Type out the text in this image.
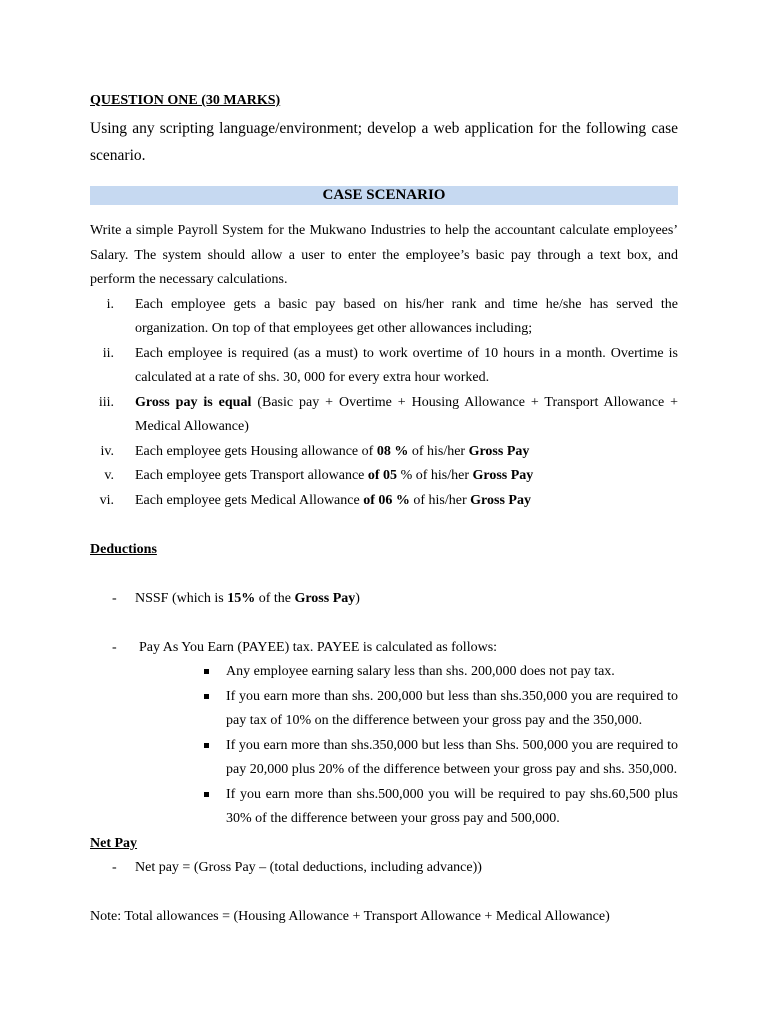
QUESTION ONE (30 MARKS)

Using any scripting language/environment; develop a web application for the following case scenario.

CASE SCENARIO

Write a simple Payroll System for the Mukwano Industries to help the accountant calculate employees’ Salary. The system should allow a user to enter the employee’s basic pay through a text box, and perform the necessary calculations.

i. Each employee gets a basic pay based on his/her rank and time he/she has served the organization. On top of that employees get other allowances including;
ii. Each employee is required (as a must) to work overtime of 10 hours in a month. Overtime is calculated at a rate of shs. 30, 000 for every extra hour worked.
iii. Gross pay is equal (Basic pay + Overtime + Housing Allowance + Transport Allowance + Medical Allowance)
iv. Each employee gets Housing allowance of 08 % of his/her Gross Pay
v. Each employee gets Transport allowance of 05 % of his/her Gross Pay
vi. Each employee gets Medical Allowance of 06 % of his/her Gross Pay

Deductions

- NSSF (which is 15% of the Gross Pay)
- Pay As You Earn (PAYEE) tax. PAYEE is calculated as follows:
Any employee earning salary less than shs. 200,000 does not pay tax.
If you earn more than shs. 200,000 but less than shs.350,000 you are required to pay tax of 10% on the difference between your gross pay and the 350,000.
If you earn more than shs.350,000 but less than Shs. 500,000 you are required to pay 20,000 plus 20% of the difference between your gross pay and shs. 350,000.
If you earn more than shs.500,000 you will be required to pay shs.60,500 plus 30% of the difference between your gross pay and 500,000.

Net Pay

- Net pay = (Gross Pay – (total deductions, including advance))

Note: Total allowances = (Housing Allowance + Transport Allowance + Medical Allowance)
